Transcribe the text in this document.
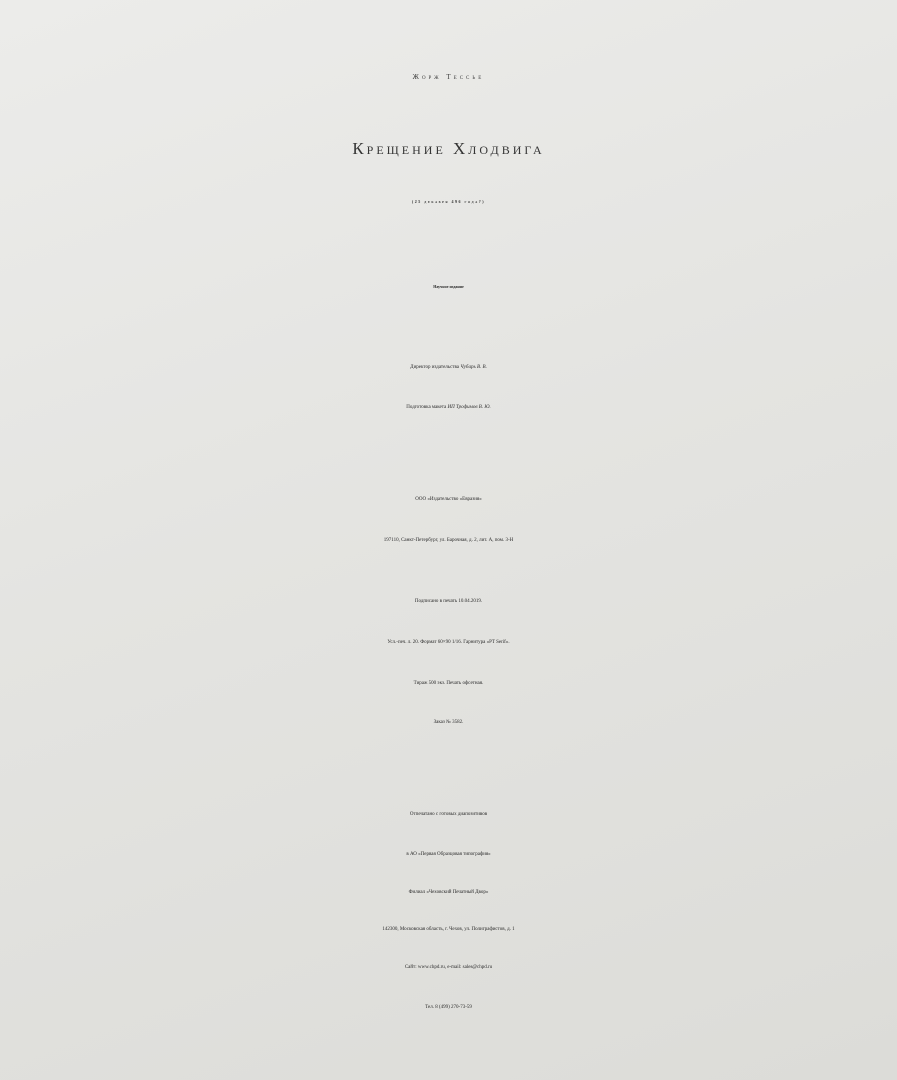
Жорж Тессье
Крещение Хлодвига
(25 декабря 496 года?)
Научное издание
Директор издательства Чубарь В. В.
Подготовка макета ИП Трофимов В. Ю.
ООО «Издательство «Евразия»
197110, Санкт-Петербург, ул. Барочная, д. 2, лит. А, пом. 3-Н
Подписано в печать 10.04.2019.
Усл.-печ. л. 20. Формат 60×90 1/16. Гарнитура «PT Serif».
Тираж 500 экз. Печать офсетная.
Заказ № 3582.
Отпечатано с готовых диапозитивов
в АО «Первая Образцовая типография»
Филиал «Чеховский Печатный Двор»
142300, Московская область, г. Чехов, ул. Полиграфистов, д. 1
Сайт: www.chpd.ru, e-mail: sales@chpd.ru
Тел. 8 (499) 270-73-59
